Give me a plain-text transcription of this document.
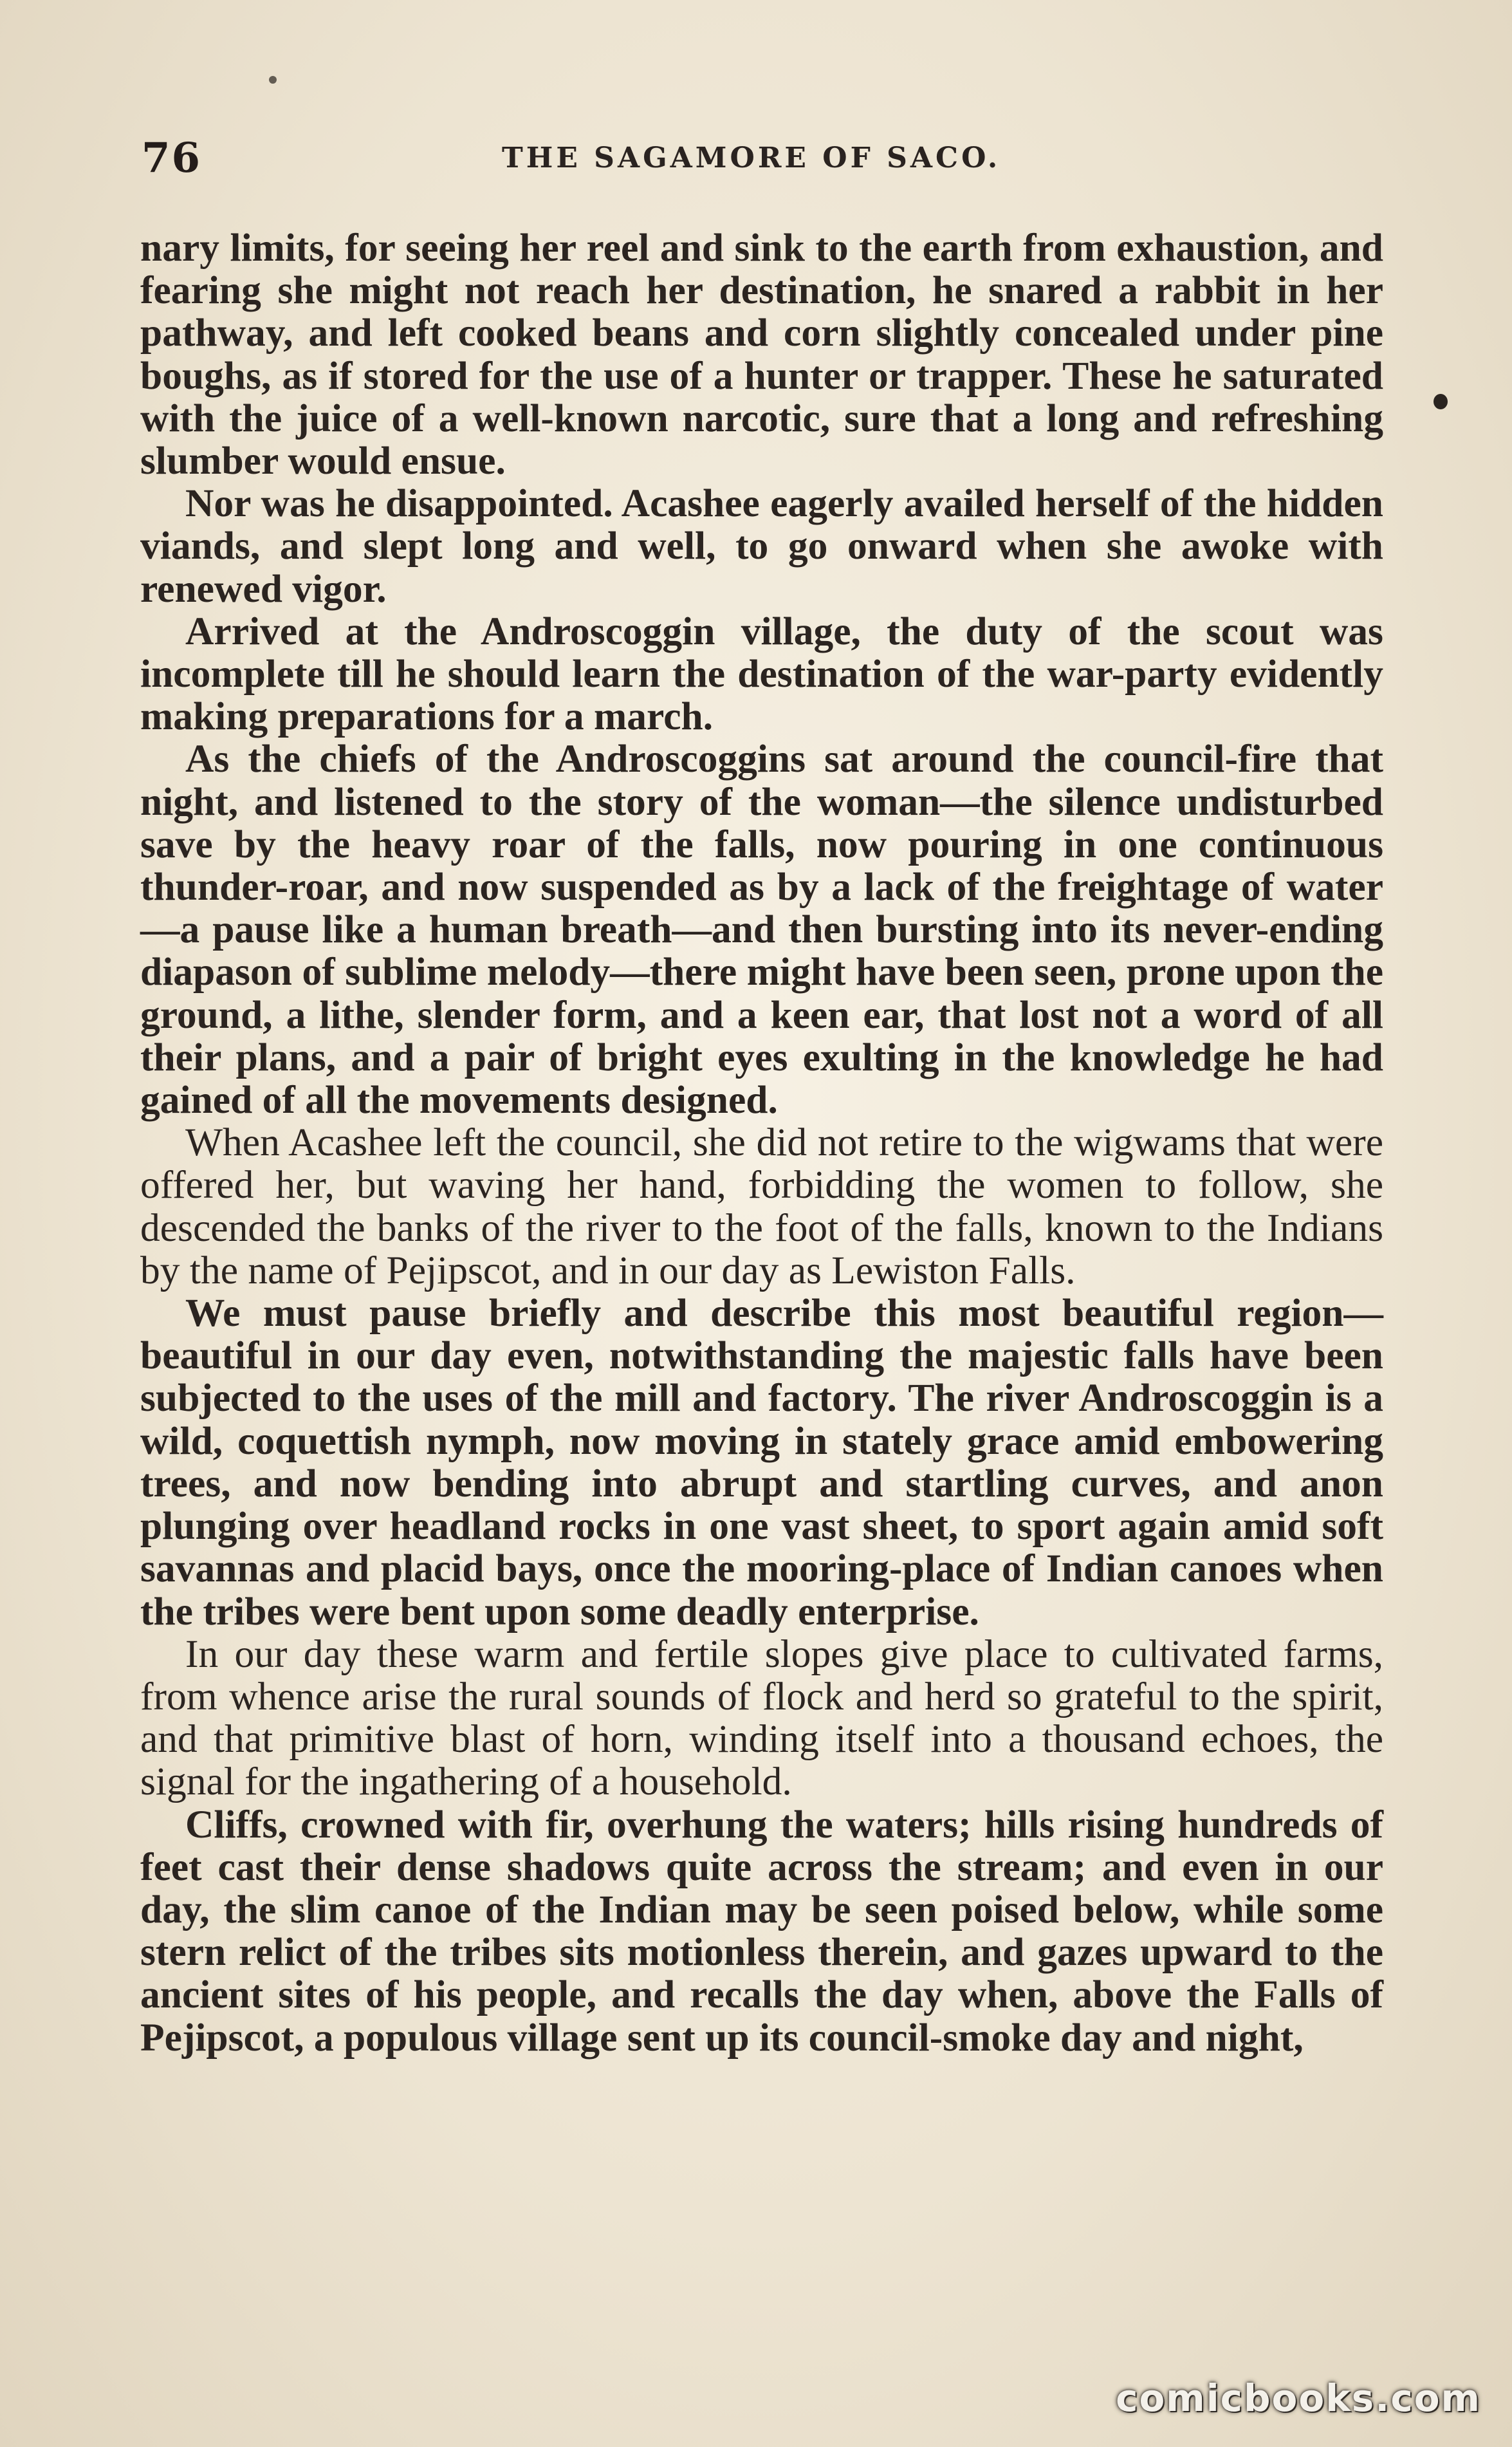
76	THE SAGAMORE OF SACO.

nary limits, for seeing her reel and sink to the earth from exhaustion, and fearing she might not reach her destination, he snared a rabbit in her pathway, and left cooked beans and corn slightly concealed under pine boughs, as if stored for the use of a hunter or trapper. These he saturated with the juice of a well-known narcotic, sure that a long and refreshing slumber would ensue.

Nor was he disappointed. Acashee eagerly availed herself of the hidden viands, and slept long and well, to go onward when she awoke with renewed vigor.

Arrived at the Androscoggin village, the duty of the scout was incomplete till he should learn the destination of the war-party evidently making preparations for a march.

As the chiefs of the Androscoggins sat around the council-fire that night, and listened to the story of the woman—the silence undisturbed save by the heavy roar of the falls, now pouring in one continuous thunder-roar, and now suspended as by a lack of the freightage of water—a pause like a human breath—and then bursting into its never-ending diapason of sublime melody—there might have been seen, prone upon the ground, a lithe, slender form, and a keen ear, that lost not a word of all their plans, and a pair of bright eyes exulting in the knowledge he had gained of all the movements designed.

When Acashee left the council, she did not retire to the wigwams that were offered her, but waving her hand, forbidding the women to follow, she descended the banks of the river to the foot of the falls, known to the Indians by the name of Pejipscot, and in our day as Lewiston Falls.

We must pause briefly and describe this most beautiful region—beautiful in our day even, notwithstanding the majestic falls have been subjected to the uses of the mill and factory. The river Androscoggin is a wild, coquettish nymph, now moving in stately grace amid embowering trees, and now bending into abrupt and startling curves, and anon plunging over headland rocks in one vast sheet, to sport again amid soft savannas and placid bays, once the mooring-place of Indian canoes when the tribes were bent upon some deadly enterprise.

In our day these warm and fertile slopes give place to cultivated farms, from whence arise the rural sounds of flock and herd so grateful to the spirit, and that primitive blast of horn, winding itself into a thousand echoes, the signal for the ingathering of a household.

Cliffs, crowned with fir, overhung the waters; hills rising hundreds of feet cast their dense shadows quite across the stream; and even in our day, the slim canoe of the Indian may be seen poised below, while some stern relict of the tribes sits motionless therein, and gazes upward to the ancient sites of his people, and recalls the day when, above the Falls of Pejipscot, a populous village sent up its council-smoke day and night,

comicbooks.com
